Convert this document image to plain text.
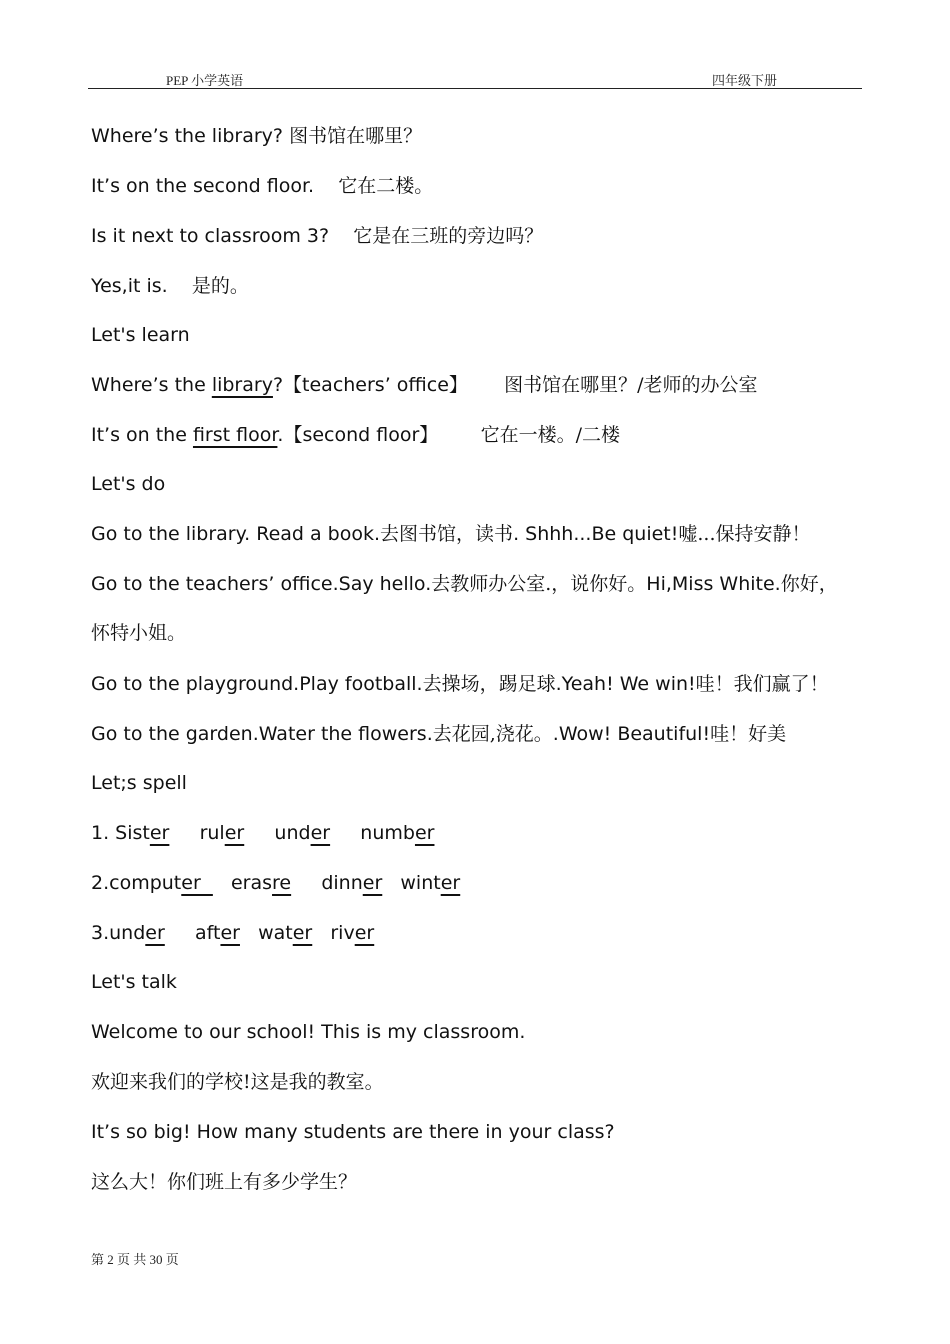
PEP 小学英语	四年级下册
Where’s the library? 图书馆在哪里？
It’s on the second floor.    它在二楼。
Is it next to classroom 3?    它是在三班的旁边吗？
Yes,it is.    是的。
Let's learn
Where’s the library?【teachers’ office】      图书馆在哪里？/老师的办公室
It’s on the first floor.【second floor】       它在一楼。/二楼
Let's do
Go to the library. Read a book.去图书馆，读书. Shhh...Be quiet!嘘...保持安静！
Go to the teachers’ office.Say hello.去教师办公室.，说你好。Hi,Miss White.你好，
怀特小姐。
Go to the playground.Play football.去操场，踢足球.Yeah! We win!哇！我们赢了！
Go to the garden.Water the flowers.去花园,浇花。.Wow! Beautiful!哇！好美
Let;s spell
1. Sister     ruler     under     number
2.computer     erasre     dinner   winter
3.under     after   water   river
Let's talk
Welcome to our school! This is my classroom.
欢迎来我们的学校!这是我的教室。
It’s so big! How many students are there in your class?
这么大！你们班上有多少学生？
第 2 页 共 30 页
